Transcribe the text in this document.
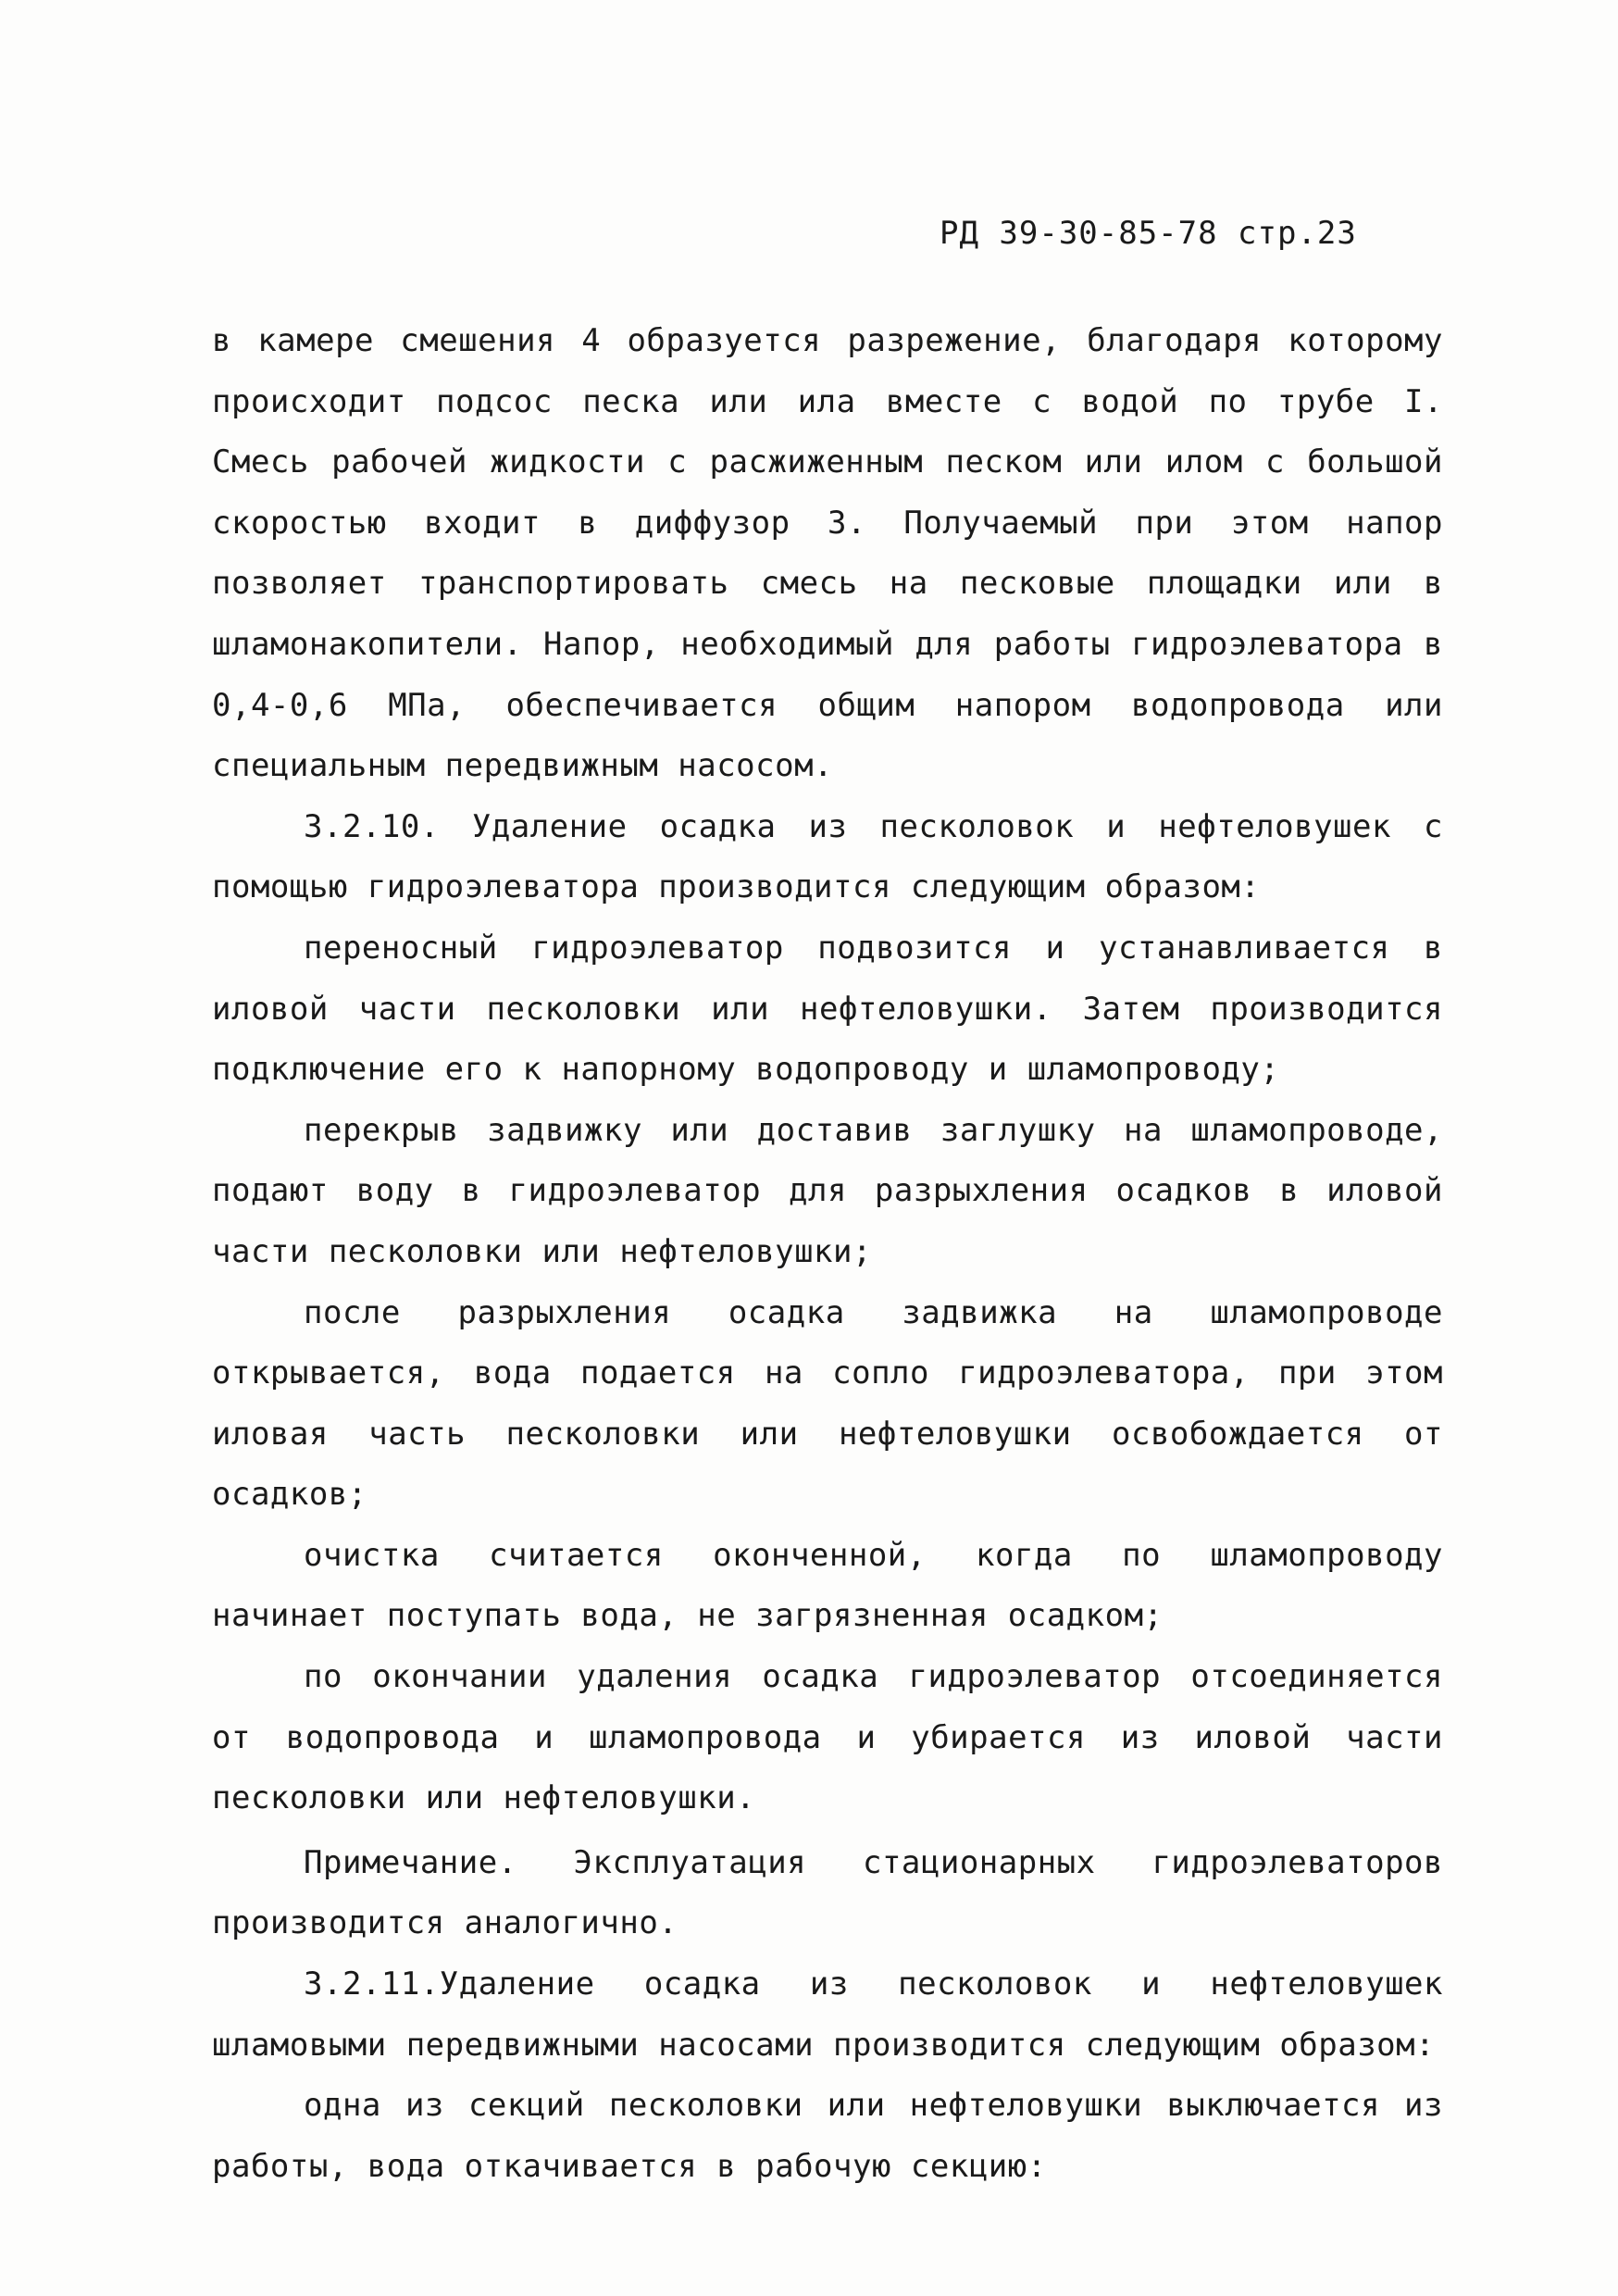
РД 39-30-85-78 стр.23

в камере смешения 4 образуется разрежение, благодаря которому происходит подсос песка или ила вместе с водой по трубе I. Смесь рабочей жидкости с расжиженным песком или илом с большой скоростью входит в диффузор 3. Получаемый при этом напор позволяет транспортировать смесь на песковые площадки или в шламонакопители. Напор, необходимый для работы гидроэлеватора в 0,4-0,6 МПа, обеспечивается общим напором водопровода или специальным передвижным насосом.

3.2.10. Удаление осадка из песколовок и нефтеловушек с помощью гидроэлеватора производится следующим образом:

переносный гидроэлеватор подвозится и устанавливается в иловой части песколовки или нефтеловушки. Затем производится подключение его к напорному водопроводу и шламопроводу;

перекрыв задвижку или доставив заглушку на шламопроводе, подают воду в гидроэлеватор для разрыхления осадков в иловой части песколовки или нефтеловушки;

после разрыхления осадка задвижка на шламопроводе открывается, вода подается на сопло гидроэлеватора, при этом иловая часть песколовки или нефтеловушки освобождается от осадков;

очистка считается оконченной, когда по шламопроводу начинает поступать вода, не загрязненная осадком;

по окончании удаления осадка гидроэлеватор отсоединяется от водопровода и шламопровода и убирается из иловой части песколовки или нефтеловушки.

Примечание. Эксплуатация стационарных гидроэлеваторов производится аналогично.

3.2.11.Удаление осадка из песколовок и нефтеловушек шламовыми передвижными насосами производится следующим образом:

одна из секций песколовки или нефтеловушки выключается из работы, вода откачивается в рабочую секцию:
